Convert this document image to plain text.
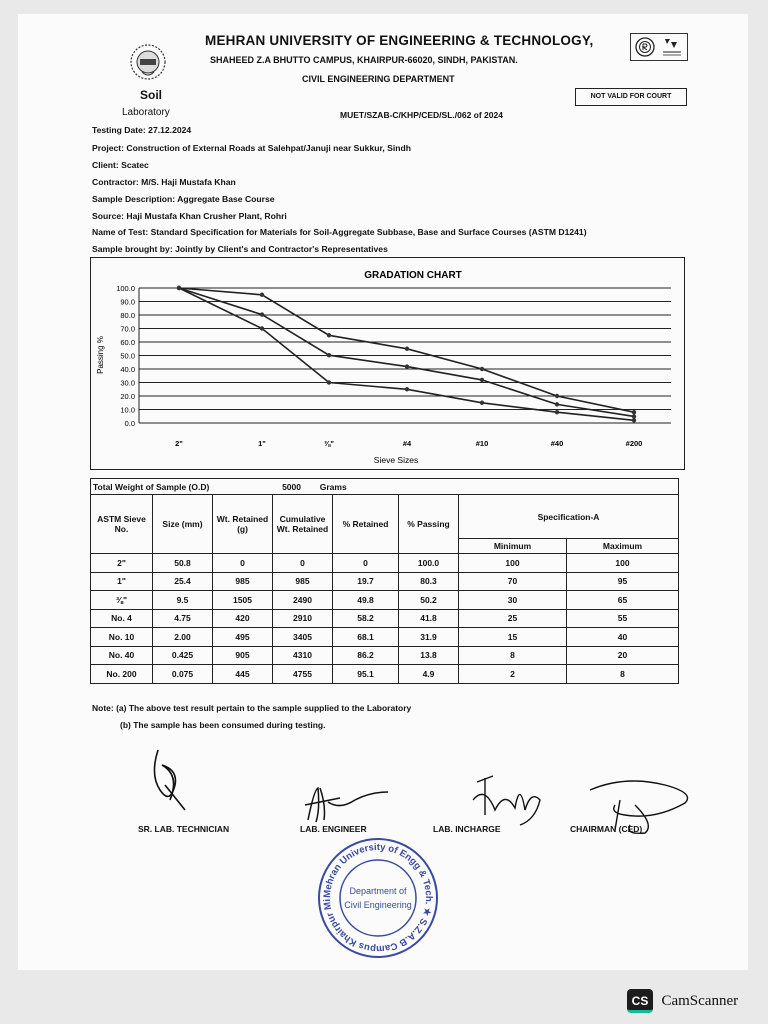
MEHRAN UNIVERSITY OF ENGINEERING & TECHNOLOGY,
SHAHEED Z.A BHUTTO CAMPUS, KHAIRPUR-66020, SINDH, PAKISTAN.
CIVIL ENGINEERING DEPARTMENT
Soil
Laboratory
NOT VALID FOR COURT
MUET/SZAB-C/KHP/CED/SL./062 of 2024
Testing Date: 27.12.2024
Project: Construction of External Roads at Salehpat/Januji near Sukkur, Sindh
Client: Scatec
Contractor: M/S. Haji Mustafa Khan
Sample Description: Aggregate Base Course
Source: Haji Mustafa Khan Crusher Plant, Rohri
Name of Test: Standard Specification for Materials for Soil-Aggregate Subbase, Base and Surface Courses (ASTM D1241)
Sample brought by: Jointly by Client's and Contractor's Representatives
GRADATION CHART
Sieve Sizes
Passing %
100.0
90.0
80.0
70.0
60.0
50.0
40.0
30.0
20.0
10.0
0.0
2"	1"	⅜"	#4	#10	#40	#200
Total Weight of Sample (O.D) 5000 Grams							
ASTM Sieve No.	Size (mm)	Wt. Retained (g)	Cumulative Wt. Retained	% Retained	% Passing	Specification-A	
						Minimum	Maximum
2"	50.8	0	0	0	100.0	100	100
1"	25.4	985	985	19.7	80.3	70	95
⅜"	9.5	1505	2490	49.8	50.2	30	65
No. 4	4.75	420	2910	58.2	41.8	25	55
No. 10	2.00	495	3405	68.1	31.9	15	40
No. 40	0.425	905	4310	86.2	13.8	8	20
No. 200	0.075	445	4755	95.1	4.9	2	8
Note: (a) The above test result pertain to the sample supplied to the Laboratory
(b) The sample has been consumed during testing.
SR. LAB. TECHNICIAN	LAB. ENGINEER	LAB. INCHARGE	CHAIRMAN (CED)
Mehran University of Engg & Tech. ★ S.Z.A.B Campus Khairpur Mi
Department of
Civil Engineering
CS CamScanner
